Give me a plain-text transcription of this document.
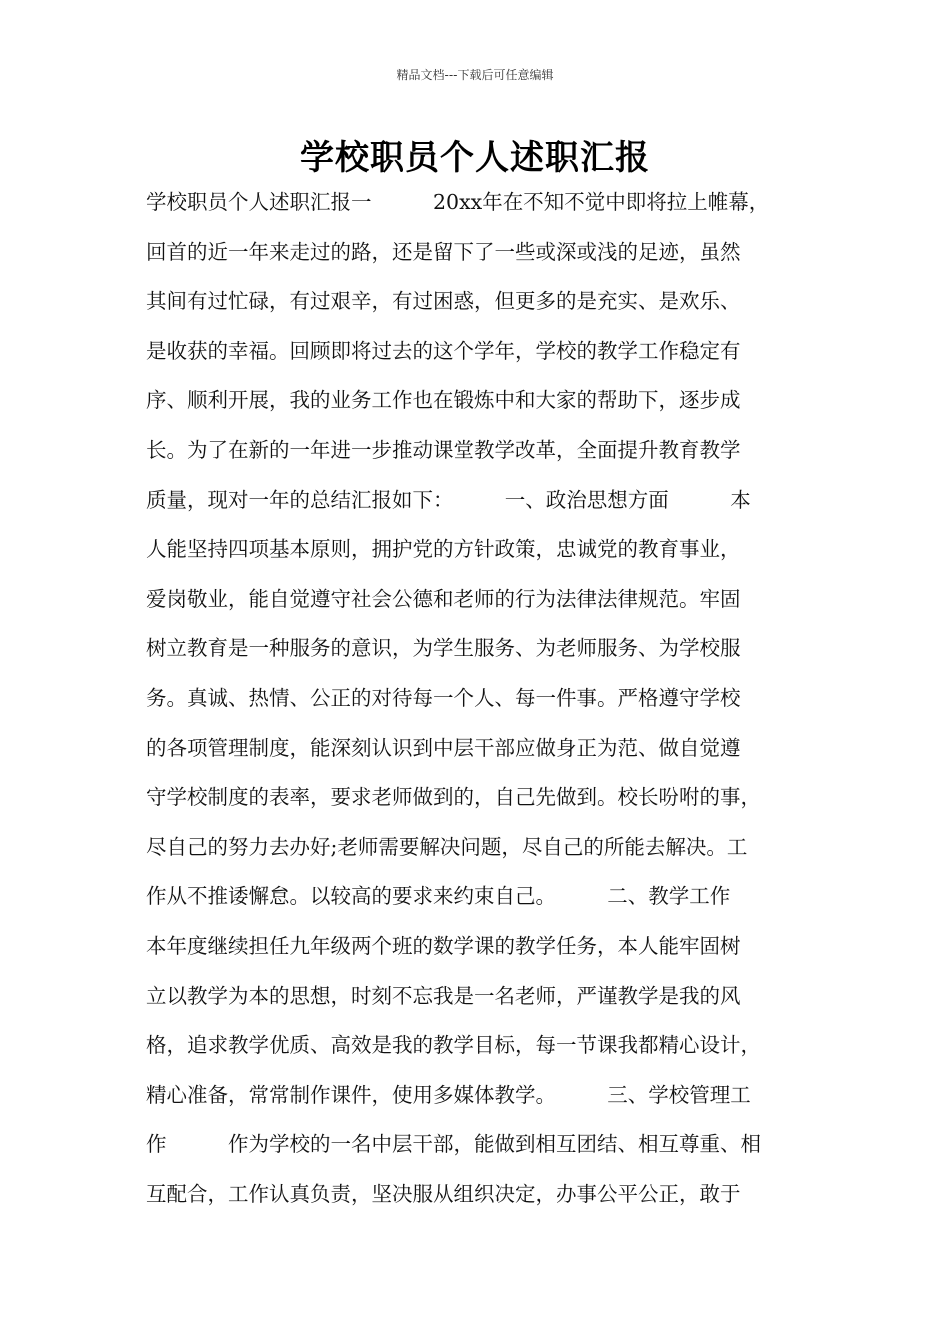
精品文档---下载后可任意编辑
学校职员个人述职汇报
学校职员个人述职汇报一　　　20xx年在不知不觉中即将拉上帷幕，
回首的近一年来走过的路，还是留下了一些或深或浅的足迹，虽然
其间有过忙碌，有过艰辛，有过困惑，但更多的是充实、是欢乐、
是收获的幸福。回顾即将过去的这个学年，学校的教学工作稳定有
序、顺利开展，我的业务工作也在锻炼中和大家的帮助下，逐步成
长。为了在新的一年进一步推动课堂教学改革，全面提升教育教学
质量，现对一年的总结汇报如下：　　　一、政治思想方面　　　本
人能坚持四项基本原则，拥护党的方针政策，忠诚党的教育事业，
爱岗敬业，能自觉遵守社会公德和老师的行为法律法律规范。牢固
树立教育是一种服务的意识，为学生服务、为老师服务、为学校服
务。真诚、热情、公正的对待每一个人、每一件事。严格遵守学校
的各项管理制度，能深刻认识到中层干部应做身正为范、做自觉遵
守学校制度的表率，要求老师做到的，自己先做到。校长吩咐的事，
尽自己的努力去办好;老师需要解决问题，尽自己的所能去解决。工
作从不推诿懈怠。以较高的要求来约束自己。　　　二、教学工作
本年度继续担任九年级两个班的数学课的教学任务，本人能牢固树
立以教学为本的思想，时刻不忘我是一名老师，严谨教学是我的风
格，追求教学优质、高效是我的教学目标，每一节课我都精心设计，
精心准备，常常制作课件，使用多媒体教学。　　　三、学校管理工
作　　　作为学校的一名中层干部，能做到相互团结、相互尊重、相
互配合，工作认真负责，坚决服从组织决定，办事公平公正，敢于
